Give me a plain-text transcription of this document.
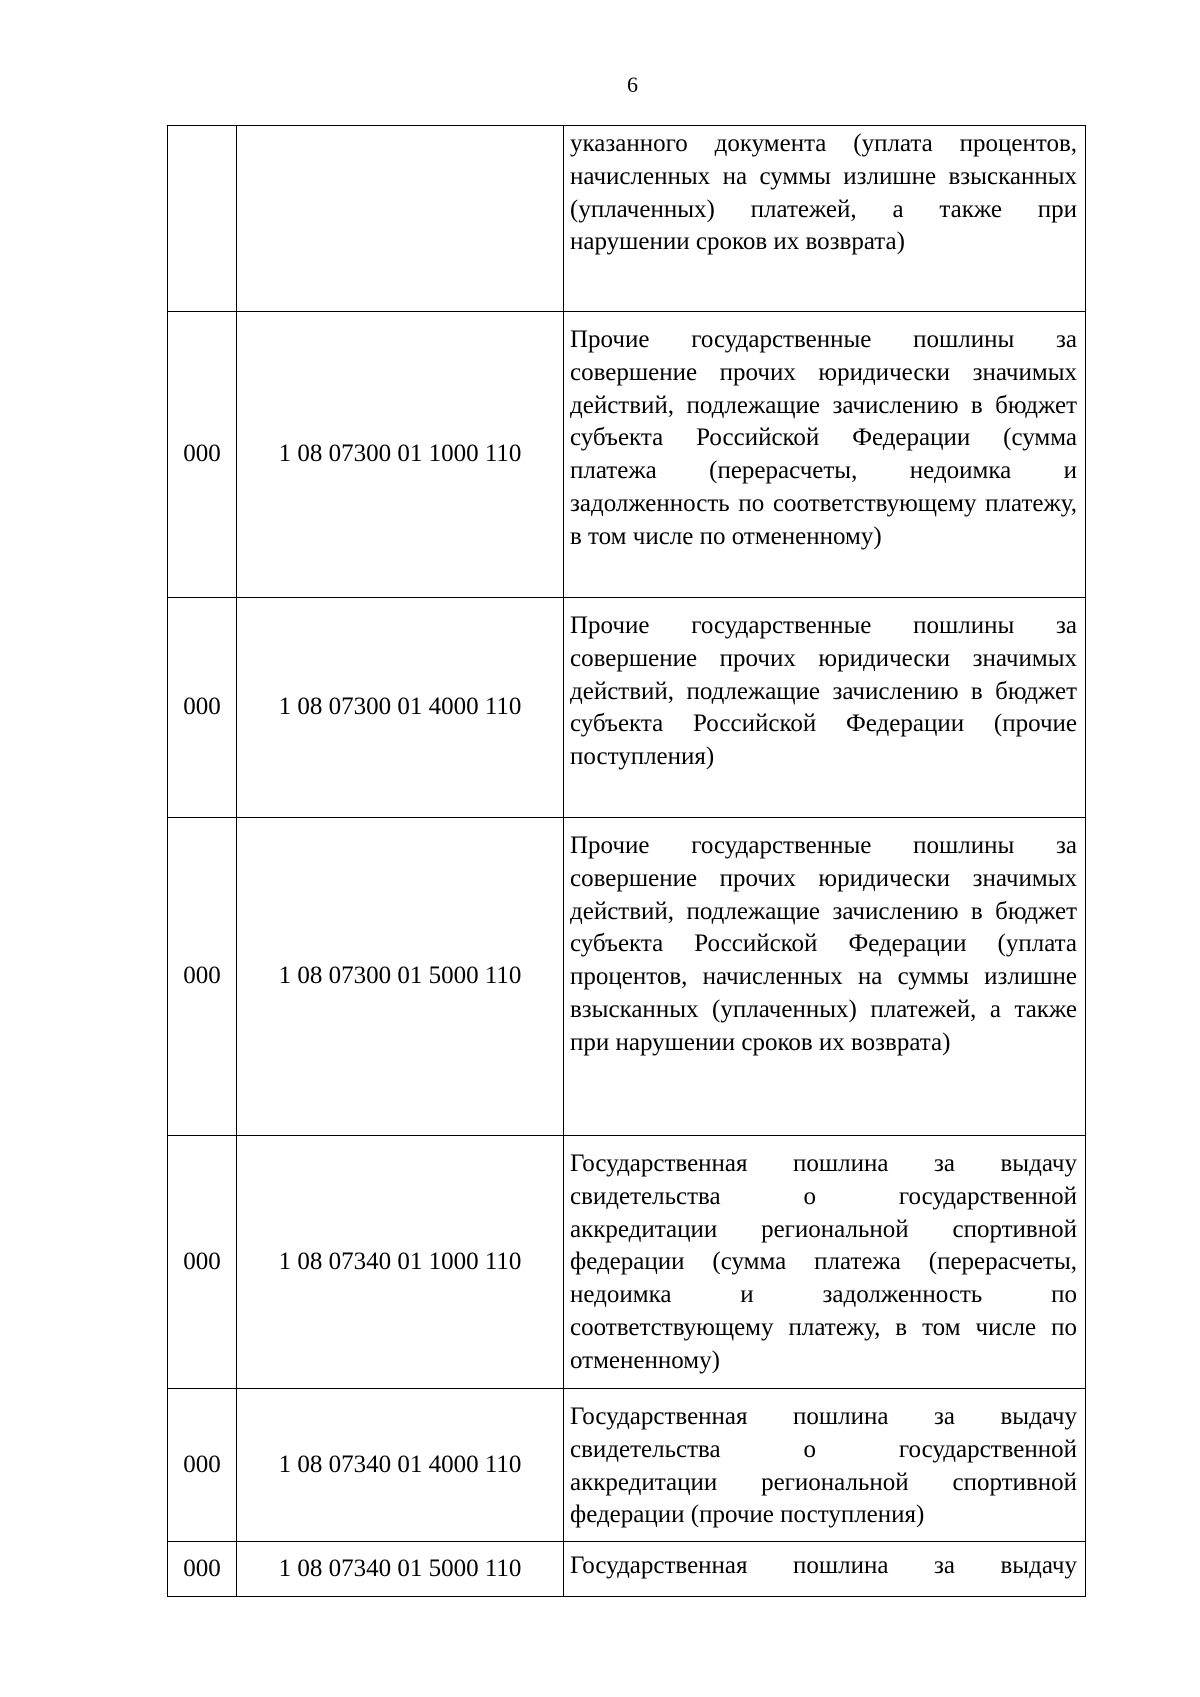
6
		указанного документа (уплата процентов, начисленных на суммы излишне взысканных (уплаченных) платежей, а также при нарушении сроков их возврата)
000	1 08 07300 01 1000 110	Прочие государственные пошлины за совершение прочих юридически значимых действий, подлежащие зачислению в бюджет субъекта Российской Федерации (сумма платежа (перерасчеты, недоимка и задолженность по соответствующему платежу, в том числе по отмененному)
000	1 08 07300 01 4000 110	Прочие государственные пошлины за совершение прочих юридически значимых действий, подлежащие зачислению в бюджет субъекта Российской Федерации (прочие поступления)
000	1 08 07300 01 5000 110	Прочие государственные пошлины за совершение прочих юридически значимых действий, подлежащие зачислению в бюджет субъекта Российской Федерации (уплата процентов, начисленных на суммы излишне взысканных (уплаченных) платежей, а также при нарушении сроков их возврата)
000	1 08 07340 01 1000 110	Государственная пошлина за выдачу свидетельства о государственной аккредитации региональной спортивной федерации (сумма платежа (перерасчеты, недоимка и задолженность по соответствующему платежу, в том числе по отмененному)
000	1 08 07340 01 4000 110	Государственная пошлина за выдачу свидетельства о государственной аккредитации региональной спортивной федерации (прочие поступления)
000	1 08 07340 01 5000 110	Государственная пошлина за выдачу
